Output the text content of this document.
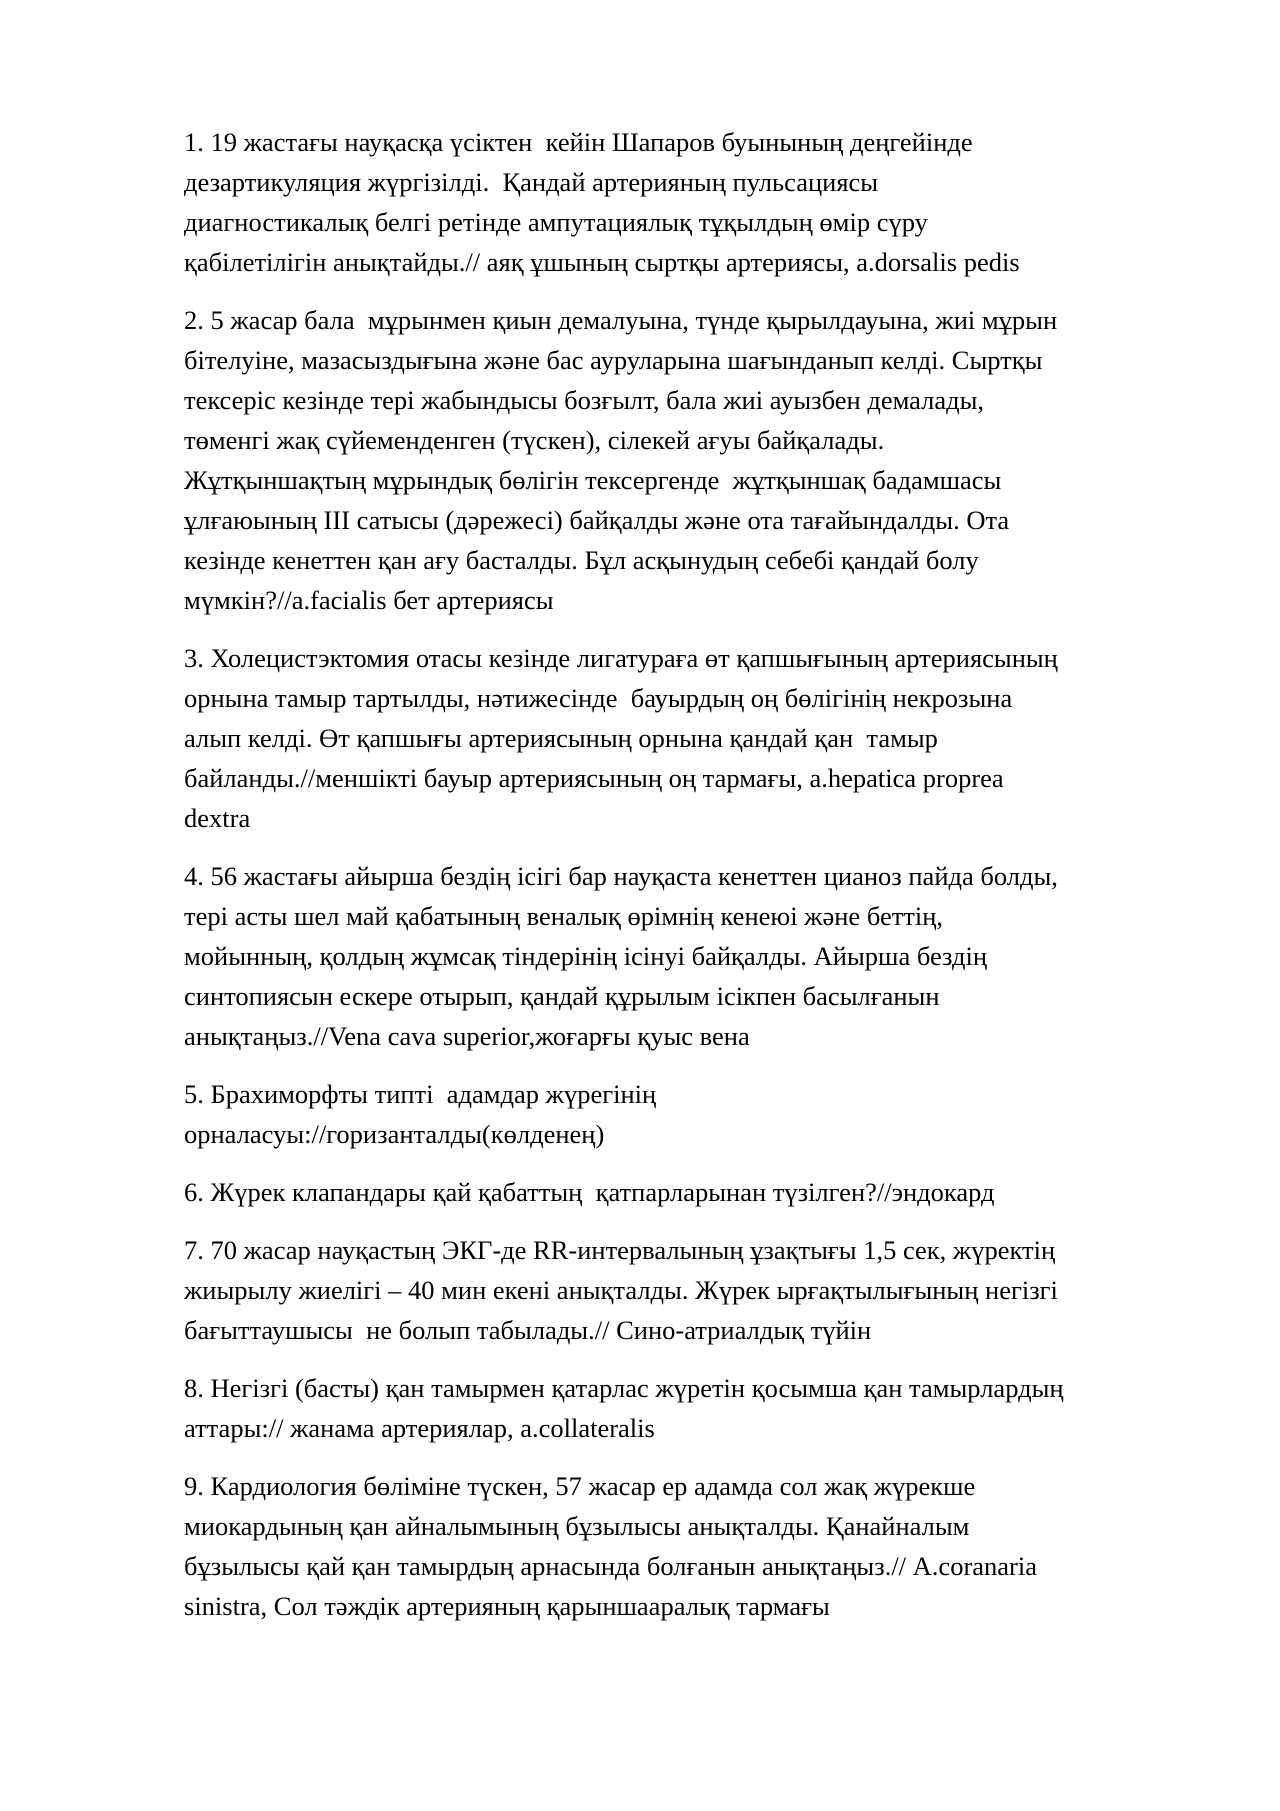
1. 19 жастағы науқасқа үсіктен  кейін Шапаров буынының деңгейінде
дезартикуляция жүргізілді.  Қандай артерияның пульсациясы
диагностикалық белгі ретінде ампутациялық тұқылдың өмір сүру
қабілетілігін анықтайды.// аяқ ұшының сыртқы артериясы, a.dorsalis pedis

2. 5 жасар бала  мұрынмен қиын демалуына, түнде қырылдауына, жиі мұрын
бітелуіне, мазасыздығына және бас ауруларына шағынданып келді. Сыртқы
тексеріс кезінде тері жабындысы бозғылт, бала жиі ауызбен демалады,
төменгі жақ сүйеменденген (түскен), сілекей ағуы байқалады.
Жұтқыншақтың мұрындық бөлігін тексергенде  жұтқыншақ бадамшасы
ұлғаюының ІІІ сатысы (дәрежесі) байқалды және ота тағайындалды. Ота
кезінде кенеттен қан ағу басталды. Бұл асқынудың себебі қандай болу
мүмкін?//a.facialis бет артериясы

3. Холецистэктомия отасы кезінде лигатураға өт қапшығының артериясының
орнына тамыр тартылды, нәтижесінде  бауырдың оң бөлігінің некрозына
алып келді. Өт қапшығы артериясының орнына қандай қан  тамыр
байланды.//меншікті бауыр артериясының оң тармағы, a.hepatica proprea
dextra

4. 56 жастағы айырша бездің ісігі бар науқаста кенеттен цианоз пайда болды,
тері асты шел май қабатының веналық өрімнің кенеюі және беттің,
мойынның, қолдың жұмсақ тіндерінің ісінуі байқалды. Айырша бездің
синтопиясын ескере отырып, қандай құрылым ісікпен басылғанын
анықтаңыз.//Vena cava superior,жоғарғы қуыс вена

5. Брахиморфты типті  адамдар жүрегінің
орналасуы://горизанталды(көлденең)

6. Жүрек клапандары қай қабаттың  қатпарларынан түзілген?//эндокард

7. 70 жасар науқастың ЭКГ-де RR-интервалының ұзақтығы 1,5 сек, жүректің
жиырылу жиелігі – 40 мин екені анықталды. Жүрек ырғақтылығының негізгі
бағыттаушысы  не болып табылады.// Сино-атриалдық түйін

8. Негізгі (басты) қан тамырмен қатарлас жүретін қосымша қан тамырлардың
аттары:// жанама артериялар, a.collateralis

9. Кардиология бөліміне түскен, 57 жасар ер адамда сол жақ жүрекше
миокардының қан айналымының бұзылысы анықталды. Қанайналым
бұзылысы қай қан тамырдың арнасында болғанын анықтаңыз.// A.coranaria
sinistra, Сол тәждік артерияның қарыншааралық тармағы
